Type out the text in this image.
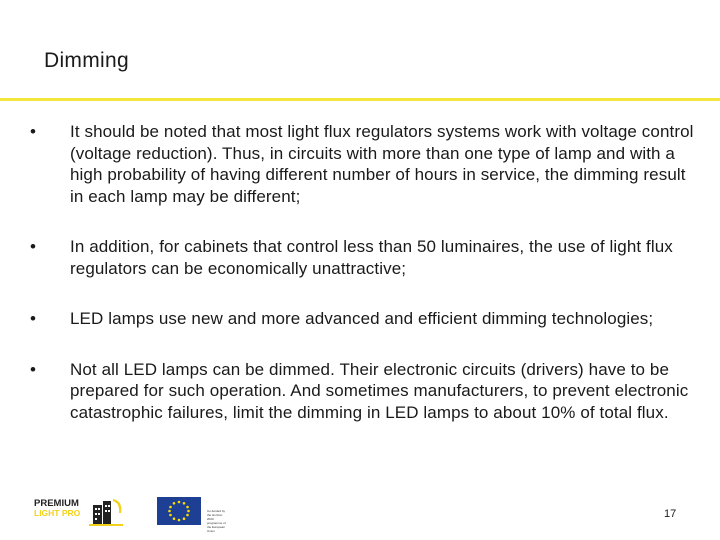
Dimming
• It should be noted that most light flux regulators systems work with voltage control (voltage reduction). Thus, in circuits with more than one type of lamp and with a high probability of having different number of hours in service, the dimming result in each lamp may be different;
• In addition, for cabinets that control less than 50 luminaires, the use of light flux regulators can be economically unattractive;
• LED lamps use new and more advanced and efficient dimming technologies;
• Not all LED lamps can be dimmed. Their electronic circuits (drivers) have to be prepared for such operation. And sometimes manufacturers, to prevent electronic catastrophic failures, limit the dimming in LED lamps to about 10% of total flux.
PREMIUM
LIGHT PRO	Co-funded by the Horizon 2020 programme of the European Union
17
